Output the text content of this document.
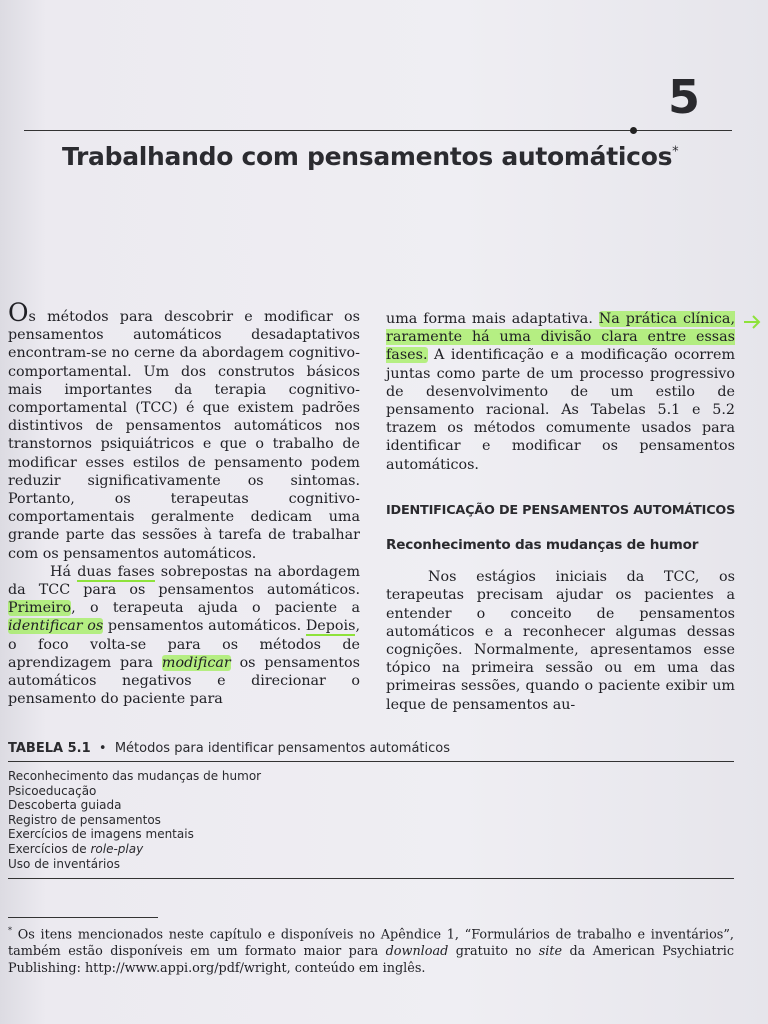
5
Trabalhando com pensamentos automáticos*

Os métodos para descobrir e modificar os pensamentos automáticos desadaptativos encontram-se no cerne da abordagem cognitivo-comportamental. Um dos construtos básicos mais importantes da terapia cognitivo-comportamental (TCC) é que existem padrões distintivos de pensamentos automáticos nos transtornos psiquiátricos e que o trabalho de modificar esses estilos de pensamento podem reduzir significativamente os sintomas. Portanto, os terapeutas cognitivo-comportamentais geralmente dedicam uma grande parte das sessões à tarefa de trabalhar com os pensamentos automáticos.

Há duas fases sobrepostas na abordagem da TCC para os pensamentos automáticos. Primeiro, o terapeuta ajuda o paciente a identificar os pensamentos automáticos. Depois, o foco volta-se para os métodos de aprendizagem para modificar os pensamentos automáticos negativos e direcionar o pensamento do paciente para

uma forma mais adaptativa. Na prática clínica, raramente há uma divisão clara entre essas fases. A identificação e a modificação ocorrem juntas como parte de um processo progressivo de desenvolvimento de um estilo de pensamento racional. As Tabelas 5.1 e 5.2 trazem os métodos comumente usados para identificar e modificar os pensamentos automáticos.

IDENTIFICAÇÃO DE PENSAMENTOS AUTOMÁTICOS
Reconhecimento das mudanças de humor

Nos estágios iniciais da TCC, os terapeutas precisam ajudar os pacientes a entender o conceito de pensamentos automáticos e a reconhecer algumas dessas cognições. Normalmente, apresentamos esse tópico na primeira sessão ou em uma das primeiras sessões, quando o paciente exibir um leque de pensamentos au-

TABELA 5.1 • Métodos para identificar pensamentos automáticos
Reconhecimento das mudanças de humor
Psicoeducação
Descoberta guiada
Registro de pensamentos
Exercícios de imagens mentais
Exercícios de role-play
Uso de inventários
* Os itens mencionados neste capítulo e disponíveis no Apêndice 1, “Formulários de trabalho e inventários”, também estão disponíveis em um formato maior para download gratuito no site da American Psychiatric Publishing: http://www.appi.org/pdf/wright, conteúdo em inglês.
